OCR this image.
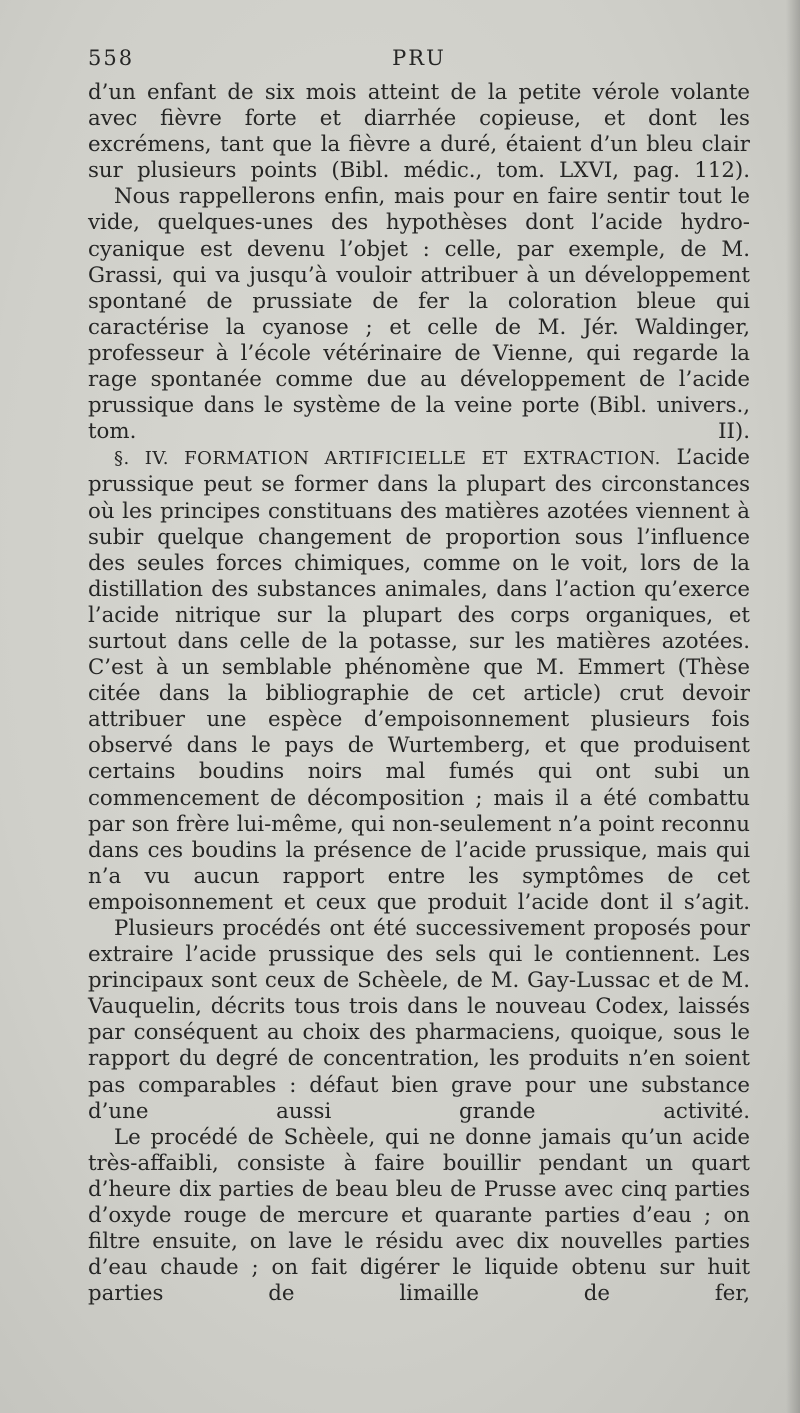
558	PRU

d’un enfant de six mois atteint de la petite vérole volante avec fièvre forte et diarrhée copieuse, et dont les excrémens, tant que la fièvre a duré, étaient d’un bleu clair sur plusieurs points (Bibl. médic., tom. LXVI, pag. 112).

Nous rappellerons enfin, mais pour en faire sentir tout le vide, quelques-unes des hypothèses dont l’acide hydro-cyanique est devenu l’objet : celle, par exemple, de M. Grassi, qui va jusqu’à vouloir attribuer à un développement spontané de prussiate de fer la coloration bleue qui caractérise la cyanose ; et celle de M. Jér. Waldinger, professeur à l’école vétérinaire de Vienne, qui regarde la rage spontanée comme due au développement de l’acide prussique dans le système de la veine porte (Bibl. univers., tom. II).

§. IV. FORMATION ARTIFICIELLE ET EXTRACTION. L’acide prussique peut se former dans la plupart des circonstances où les principes constituans des matières azotées viennent à subir quelque changement de proportion sous l’influence des seules forces chimiques, comme on le voit, lors de la distillation des substances animales, dans l’action qu’exerce l’acide nitrique sur la plupart des corps organiques, et surtout dans celle de la potasse, sur les matières azotées. C’est à un semblable phénomène que M. Emmert (Thèse citée dans la bibliographie de cet article) crut devoir attribuer une espèce d’empoisonnement plusieurs fois observé dans le pays de Wurtemberg, et que produisent certains boudins noirs mal fumés qui ont subi un commencement de décomposition ; mais il a été combattu par son frère lui-même, qui non-seulement n’a point reconnu dans ces boudins la présence de l’acide prussique, mais qui n’a vu aucun rapport entre les symptômes de cet empoisonnement et ceux que produit l’acide dont il s’agit.

Plusieurs procédés ont été successivement proposés pour extraire l’acide prussique des sels qui le contiennent. Les principaux sont ceux de Schèele, de M. Gay-Lussac et de M. Vauquelin, décrits tous trois dans le nouveau Codex, laissés par conséquent au choix des pharmaciens, quoique, sous le rapport du degré de concentration, les produits n’en soient pas comparables : défaut bien grave pour une substance d’une aussi grande activité.

Le procédé de Schèele, qui ne donne jamais qu’un acide très-affaibli, consiste à faire bouillir pendant un quart d’heure dix parties de beau bleu de Prusse avec cinq parties d’oxyde rouge de mercure et quarante parties d’eau ; on filtre ensuite, on lave le résidu avec dix nouvelles parties d’eau chaude ; on fait digérer le liquide obtenu sur huit parties de limaille de fer,
